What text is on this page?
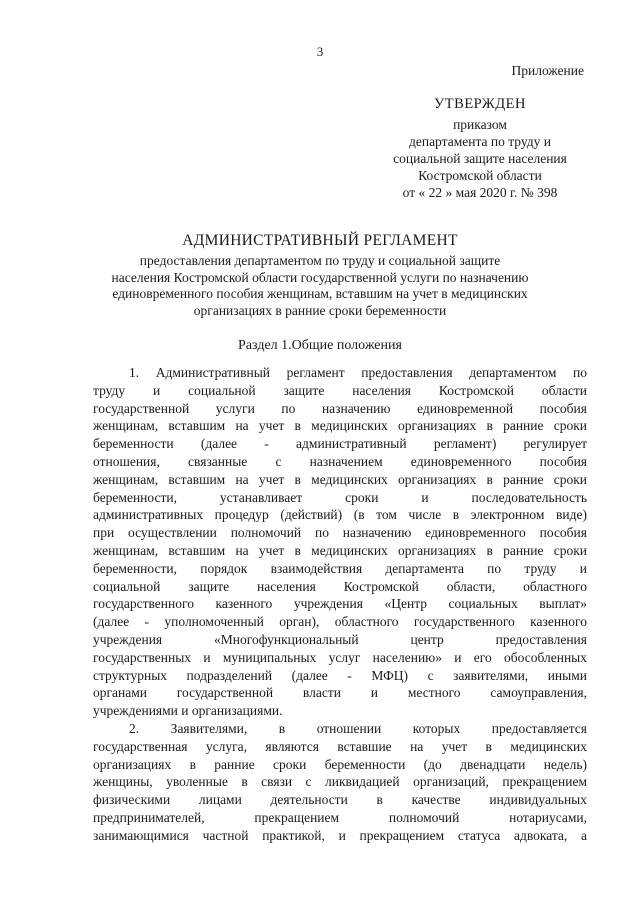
3
Приложение
УТВЕРЖДЕН
приказом
департамента по труду и
социальной защите населения
Костромской области
от « 22 » мая 2020 г. № 398
АДМИНИСТРАТИВНЫЙ РЕГЛАМЕНТ
предоставления департаментом по труду и социальной защите
населения Костромской области государственной услуги по назначению
единовременного пособия женщинам, вставшим на учет в медицинских
организациях в ранние сроки беременности
Раздел 1.Общие положения
1. Административный регламент предоставления департаментом по
труду и социальной защите населения Костромской области
государственной услуги по назначению единовременной пособия
женщинам, вставшим на учет в медицинских организациях в ранние сроки
беременности (далее - административный регламент) регулирует
отношения, связанные с назначением единовременного пособия
женщинам, вставшим на учет в медицинских организациях в ранние сроки
беременности, устанавливает сроки и последовательность
административных процедур (действий) (в том числе в электронном виде)
при осуществлении полномочий по назначению единовременного пособия
женщинам, вставшим на учет в медицинских организациях в ранние сроки
беременности, порядок взаимодействия департамента по труду и
социальной защите населения Костромской области, областного
государственного казенного учреждения «Центр социальных выплат»
(далее - уполномоченный орган), областного государственного казенного
учреждения «Многофункциональный центр предоставления
государственных и муниципальных услуг населению» и его обособленных
структурных подразделений (далее - МФЦ) с заявителями, иными
органами государственной власти и местного самоуправления,
учреждениями и организациями.
2. Заявителями, в отношении которых предоставляется
государственная услуга, являются вставшие на учет в медицинских
организациях в ранние сроки беременности (до двенадцати недель)
женщины, уволенные в связи с ликвидацией организаций, прекращением
физическими лицами деятельности в качестве индивидуальных
предпринимателей, прекращением полномочий нотариусами,
занимающимися частной практикой, и прекращением статуса адвоката, а
